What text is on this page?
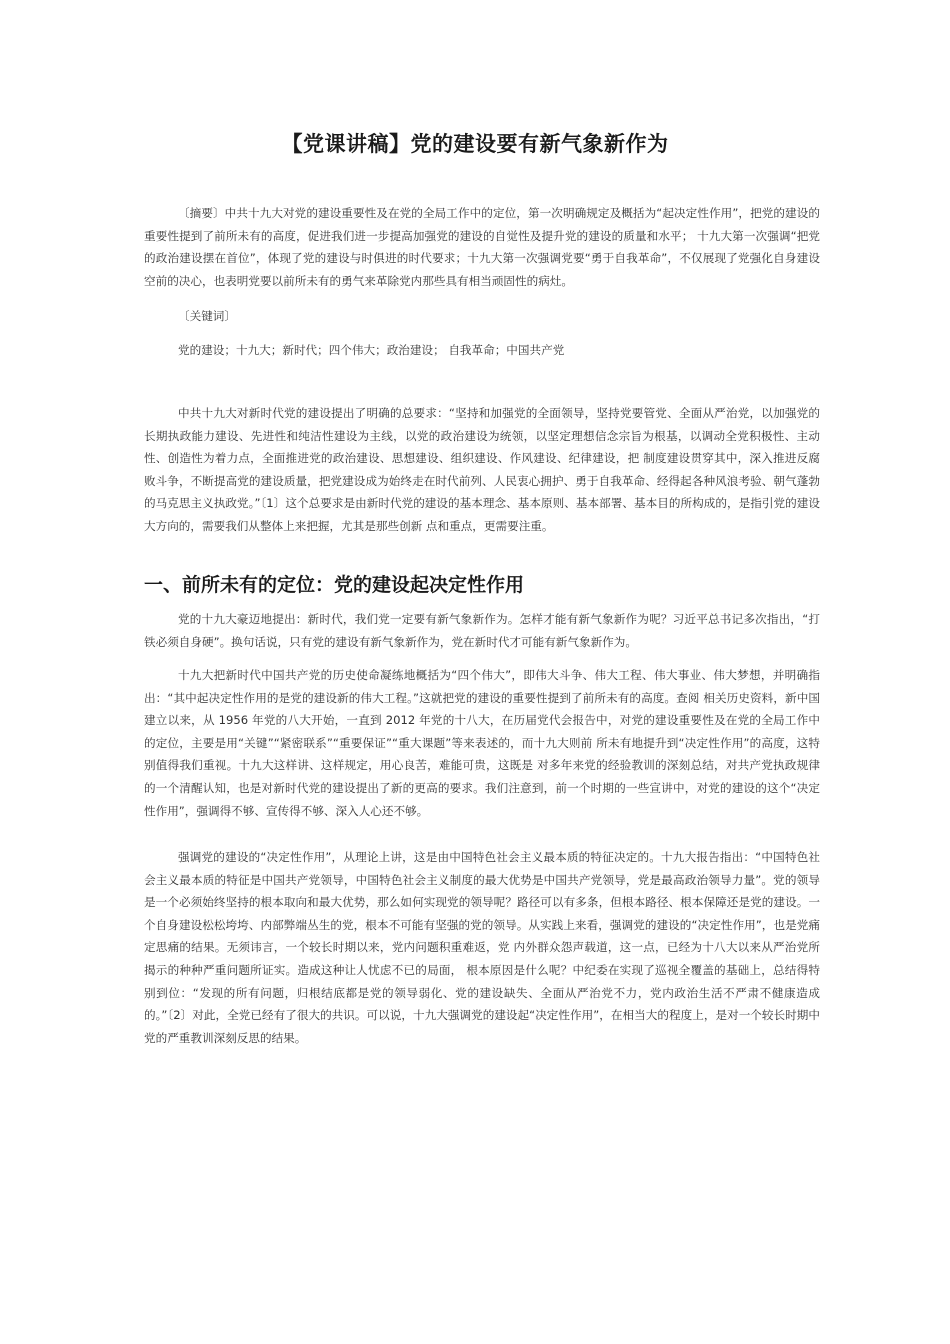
【党课讲稿】党的建设要有新气象新作为

〔摘要〕中共十九大对党的建设重要性及在党的全局工作中的定位，第一次明确规定及概括为“起决定性作用”，把党的建设的重要性提到了前所未有的高度，促进我们进一步提高加强党的建设的自觉性及提升党的建设的质量和水平； 十九大第一次强调“把党的政治建设摆在首位”，体现了党的建设与时俱进的时代要求；十九大第一次强调党要“勇于自我革命”，不仅展现了党强化自身建设空前的决心，也表明党要以前所未有的勇气来革除党内那些具有相当顽固性的病灶。

〔关键词〕

党的建设；十九大；新时代；四个伟大；政治建设； 自我革命；中国共产党

中共十九大对新时代党的建设提出了明确的总要求：“坚持和加强党的全面领导，坚持党要管党、全面从严治党，以加强党的长期执政能力建设、先进性和纯洁性建设为主线，以党的政治建设为统领，以坚定理想信念宗旨为根基，以调动全党积极性、主动性、创造性为着力点，全面推进党的政治建设、思想建设、组织建设、作风建设、纪律建设，把 制度建设贯穿其中，深入推进反腐败斗争，不断提高党的建设质量，把党建设成为始终走在时代前列、人民衷心拥护、勇于自我革命、经得起各种风浪考验、朝气蓬勃的马克思主义执政党。”〔1〕这个总要求是由新时代党的建设的基本理念、基本原则、基本部署、基本目的所构成的，是指引党的建设大方向的，需要我们从整体上来把握，尤其是那些创新 点和重点，更需要注重。

一、前所未有的定位：党的建设起决定性作用

党的十九大豪迈地提出：新时代，我们党一定要有新气象新作为。怎样才能有新气象新作为呢？习近平总书记多次指出，“打铁必须自身硬”。换句话说，只有党的建设有新气象新作为，党在新时代才可能有新气象新作为。

十九大把新时代中国共产党的历史使命凝练地概括为“四个伟大”，即伟大斗争、伟大工程、伟大事业、伟大梦想，并明确指出：“其中起决定性作用的是党的建设新的伟大工程。”这就把党的建设的重要性提到了前所未有的高度。查阅 相关历史资料，新中国建立以来，从 1956 年党的八大开始，一直到 2012 年党的十八大，在历届党代会报告中，对党的建设重要性及在党的全局工作中的定位，主要是用“关键”“紧密联系”“重要保证”“重大课题”等来表述的，而十九大则前 所未有地提升到“决定性作用”的高度，这特别值得我们重视。十九大这样讲、这样规定，用心良苦，难能可贵，这既是 对多年来党的经验教训的深刻总结，对共产党执政规律的一个清醒认知，也是对新时代党的建设提出了新的更高的要求。我们注意到，前一个时期的一些宣讲中，对党的建设的这个“决定性作用”，强调得不够、宣传得不够、深入人心还不够。

强调党的建设的“决定性作用”，从理论上讲，这是由中国特色社会主义最本质的特征决定的。十九大报告指出：“中国特色社会主义最本质的特征是中国共产党领导，中国特色社会主义制度的最大优势是中国共产党领导，党是最高政治领导力量”。党的领导是一个必须始终坚持的根本取向和最大优势，那么如何实现党的领导呢？路径可以有多条，但根本路径、根本保障还是党的建设。一个自身建设松松垮垮、内部弊端丛生的党，根本不可能有坚强的党的领导。从实践上来看，强调党的建设的“决定性作用”，也是党痛定思痛的结果。无须讳言，一个较长时期以来，党内问题积重难返，党 内外群众怨声载道，这一点，已经为十八大以来从严治党所揭示的种种严重问题所证实。造成这种让人忧虑不已的局面， 根本原因是什么呢？中纪委在实现了巡视全覆盖的基础上，总结得特别到位：“发现的所有问题，归根结底都是党的领导弱化、党的建设缺失、全面从严治党不力，党内政治生活不严肃不健康造成的。”〔2〕对此，全党已经有了很大的共识。可以说，十九大强调党的建设起“决定性作用”，在相当大的程度上，是对一个较长时期中党的严重教训深刻反思的结果。
